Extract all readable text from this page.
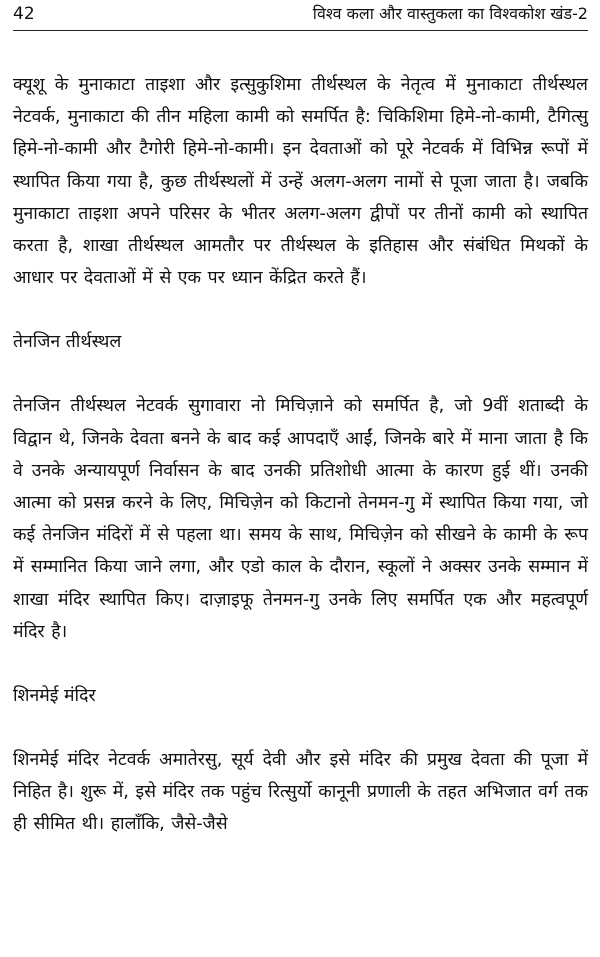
42	विश्व कला और वास्तुकला का विश्वकोश खंड-2

क्यूशू के मुनाकाटा ताइशा और इत्सुकुशिमा तीर्थस्थल के नेतृत्व में मुनाकाटा तीर्थस्थल नेटवर्क, मुनाकाटा की तीन महिला कामी को समर्पित है: चिकिशिमा हिमे-नो-कामी, टैगित्सु हिमे-नो-कामी और टैगोरी हिमे-नो-कामी। इन देवताओं को पूरे नेटवर्क में विभिन्न रूपों में स्थापित किया गया है, कुछ तीर्थस्थलों में उन्हें अलग-अलग नामों से पूजा जाता है। जबकि मुनाकाटा ताइशा अपने परिसर के भीतर अलग-अलग द्वीपों पर तीनों कामी को स्थापित करता है, शाखा तीर्थस्थल आमतौर पर तीर्थस्थल के इतिहास और संबंधित मिथकों के आधार पर देवताओं में से एक पर ध्यान केंद्रित करते हैं।

तेनजिन तीर्थस्थल

तेनजिन तीर्थस्थल नेटवर्क सुगावारा नो मिचिज़ाने को समर्पित है, जो 9वीं शताब्दी के विद्वान थे, जिनके देवता बनने के बाद कई आपदाएँ आईं, जिनके बारे में माना जाता है कि वे उनके अन्यायपूर्ण निर्वासन के बाद उनकी प्रतिशोधी आत्मा के कारण हुई थीं। उनकी आत्मा को प्रसन्न करने के लिए, मिचिज़ेन को किटानो तेनमन-गु में स्थापित किया गया, जो कई तेनजिन मंदिरों में से पहला था। समय के साथ, मिचिज़ेन को सीखने के कामी के रूप में सम्मानित किया जाने लगा, और एडो काल के दौरान, स्कूलों ने अक्सर उनके सम्मान में शाखा मंदिर स्थापित किए। दाज़ाइफू तेनमन-गु उनके लिए समर्पित एक और महत्वपूर्ण मंदिर है।

शिनमेई मंदिर

शिनमेई मंदिर नेटवर्क अमातेरसु, सूर्य देवी और इसे मंदिर की प्रमुख देवता की पूजा में निहित है। शुरू में, इसे मंदिर तक पहुंच रित्सुर्यो कानूनी प्रणाली के तहत अभिजात वर्ग तक ही सीमित थी। हालाँकि, जैसे-जैसे
